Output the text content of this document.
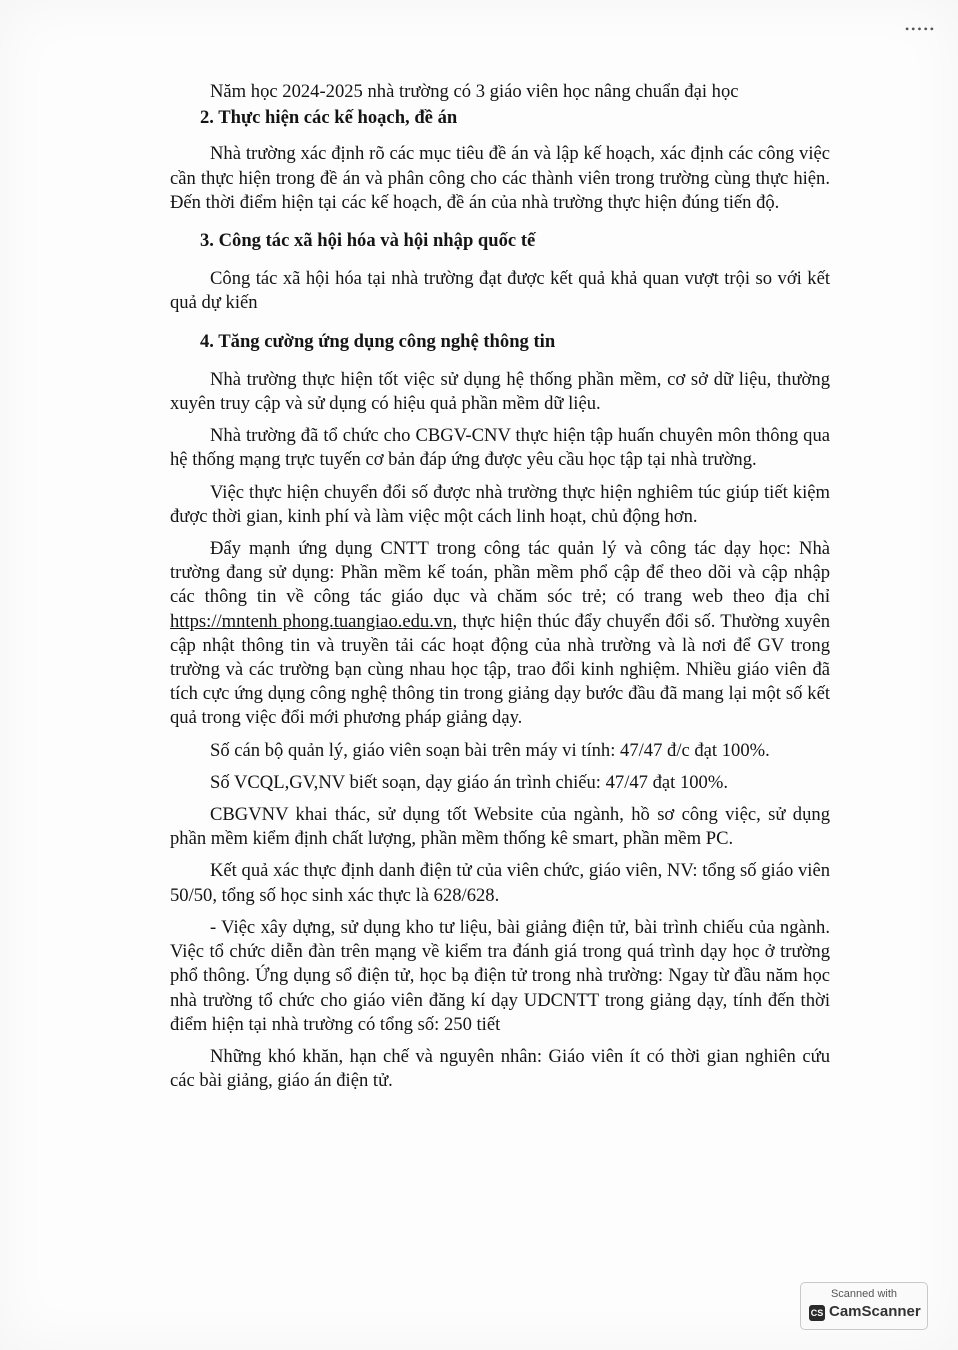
•••••

Năm học 2024-2025 nhà trường có 3 giáo viên học nâng chuẩn đại học

2. Thực hiện các kế hoạch, đề án

Nhà trường xác định rõ các mục tiêu đề án và lập kế hoạch, xác định các công việc cần thực hiện trong đề án và phân công cho các thành viên trong trường cùng thực hiện. Đến thời điểm hiện tại các kế hoạch, đề án của nhà trường thực hiện đúng tiến độ.

3. Công tác xã hội hóa và hội nhập quốc tế

Công tác xã hội hóa tại nhà trường đạt được kết quả khả quan vượt trội so với kết quả dự kiến

4. Tăng cường ứng dụng công nghệ thông tin

Nhà trường thực hiện tốt việc sử dụng hệ thống phần mềm, cơ sở dữ liệu, thường xuyên truy cập và sử dụng có hiệu quả phần mềm dữ liệu.

Nhà trường đã tổ chức cho CBGV-CNV thực hiện tập huấn chuyên môn thông qua hệ thống mạng trực tuyến cơ bản đáp ứng được yêu cầu học tập tại nhà trường.

Việc thực hiện chuyển đổi số được nhà trường thực hiện nghiêm túc giúp tiết kiệm được thời gian, kinh phí và làm việc một cách linh hoạt, chủ động hơn.

Đẩy mạnh ứng dụng CNTT trong công tác quản lý và công tác dạy học: Nhà trường đang sử dụng: Phần mềm kế toán, phần mềm phổ cập để theo dõi và cập nhập các thông tin về công tác giáo dục và chăm sóc trẻ; có trang web theo địa chỉ https://mntenh phong.tuangiao.edu.vn, thực hiện thúc đẩy chuyển đổi số. Thường xuyên cập nhật thông tin và truyền tải các hoạt động của nhà trường và là nơi để GV trong trường và các trường bạn cùng nhau học tập, trao đổi kinh nghiệm. Nhiều giáo viên đã tích cực ứng dụng công nghệ thông tin trong giảng dạy bước đầu đã mang lại một số kết quả trong việc đổi mới phương pháp giảng dạy.

Số cán bộ quản lý, giáo viên soạn bài trên máy vi tính: 47/47 đ/c đạt 100%.

Số VCQL,GV,NV biết soạn, dạy giáo án trình chiếu: 47/47 đạt 100%.

CBGVNV khai thác, sử dụng tốt Website của ngành, hồ sơ công việc, sử dụng phần mềm kiểm định chất lượng, phần mềm thống kê smart, phần mềm PC.

Kết quả xác thực định danh điện tử của viên chức, giáo viên, NV: tổng số giáo viên 50/50, tổng số học sinh xác thực là 628/628.

- Việc xây dựng, sử dụng kho tư liệu, bài giảng điện tử, bài trình chiếu của ngành. Việc tổ chức diễn đàn trên mạng về kiểm tra đánh giá trong quá trình dạy học ở trường phổ thông. Ứng dụng sổ điện tử, học bạ điện tử trong nhà trường: Ngay từ đầu năm học nhà trường tổ chức cho giáo viên đăng kí dạy UDCNTT trong giảng dạy, tính đến thời điểm hiện tại nhà trường có tổng số: 250 tiết

Những khó khăn, hạn chế và nguyên nhân: Giáo viên ít có thời gian nghiên cứu các bài giảng, giáo án điện tử.

Scanned with
CS CamScanner
